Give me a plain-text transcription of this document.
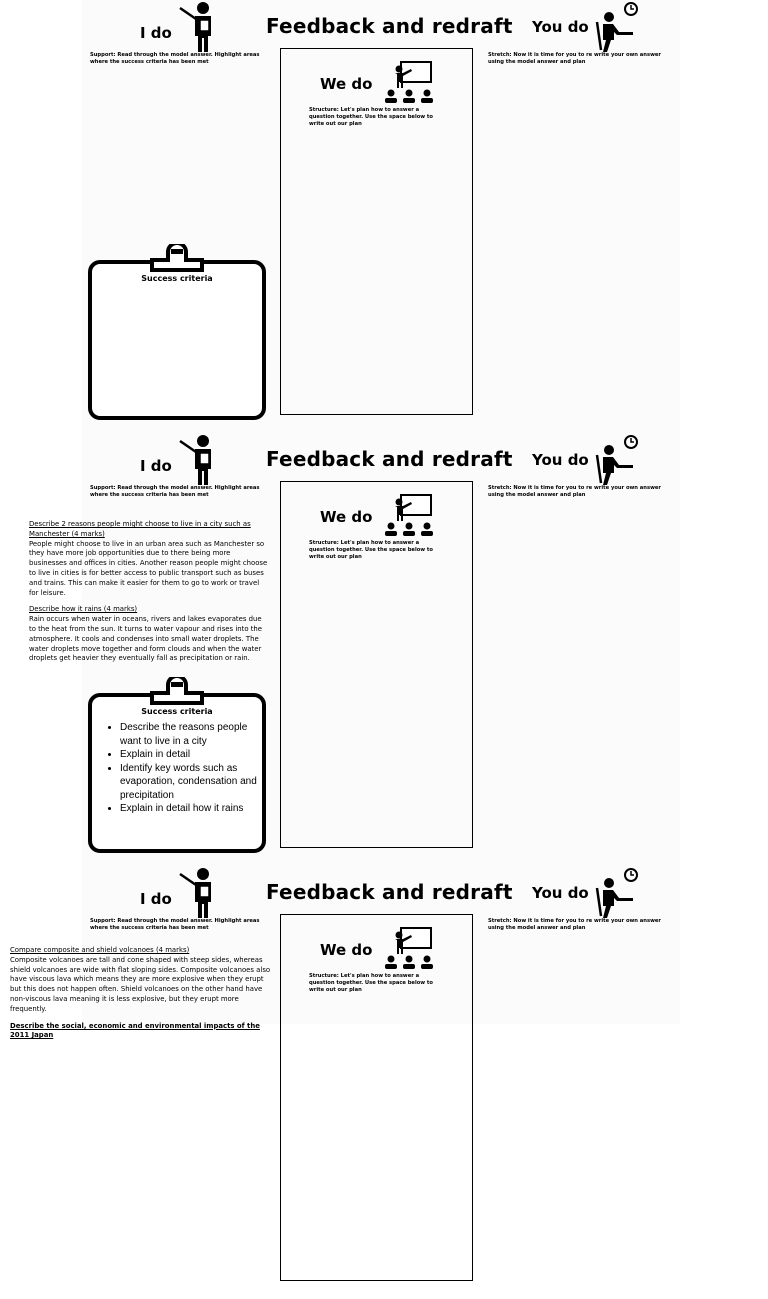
I do	Feedback and redraft You do
Support: Read through the model answer. Highlight areas where the success criteria has been met
Stretch: Now it is time for you to re write your own answer using the model answer and plan
We do
Structure: Let's plan how to answer a question together. Use the space below to write out our plan
Success criteria
I do	Feedback and redraft You do
Support: Read through the model answer. Highlight areas where the success criteria has been met
Stretch: Now it is time for you to re write your own answer using the model answer and plan

Describe 2 reasons people might choose to live in a city such as Manchester (4 marks)

People might choose to live in an urban area such as Manchester so they have more job opportunities due to there being more businesses and offices in cities. Another reason people might choose to live in cities is for better access to public transport such as buses and trains. This can make it easier for them to go to work or travel for leisure.

Describe how it rains (4 marks)

Rain occurs when water in oceans, rivers and lakes evaporates due to the heat from the sun. It turns to water vapour and rises into the atmosphere. It cools and condenses into small water droplets. The water droplets move together and form clouds and when the water droplets get heavier they eventually fall as precipitation or rain.

We do
Structure: Let's plan how to answer a question together. Use the space below to write out our plan
Success criteria
• Describe the reasons people want to live in a city
• Explain in detail
• Identify key words such as evaporation, condensation and precipitation
• Explain in detail how it rains
I do	Feedback and redraft You do
Support: Read through the model answer. Highlight areas where the success criteria has been met
Stretch: Now it is time for you to re write your own answer using the model answer and plan

Compare composite and shield volcanoes (4 marks)

Composite volcanoes are tall and cone shaped with steep sides, whereas shield volcanoes are wide with flat sloping sides. Composite volcanoes also have viscous lava which means they are more explosive when they erupt but this does not happen often. Shield volcanoes on the other hand have non-viscous lava meaning it is less explosive, but they erupt more frequently.

Describe the social, economic and environmental impacts of the 2011 Japan

We do
Structure: Let's plan how to answer a question together. Use the space below to write out our plan
